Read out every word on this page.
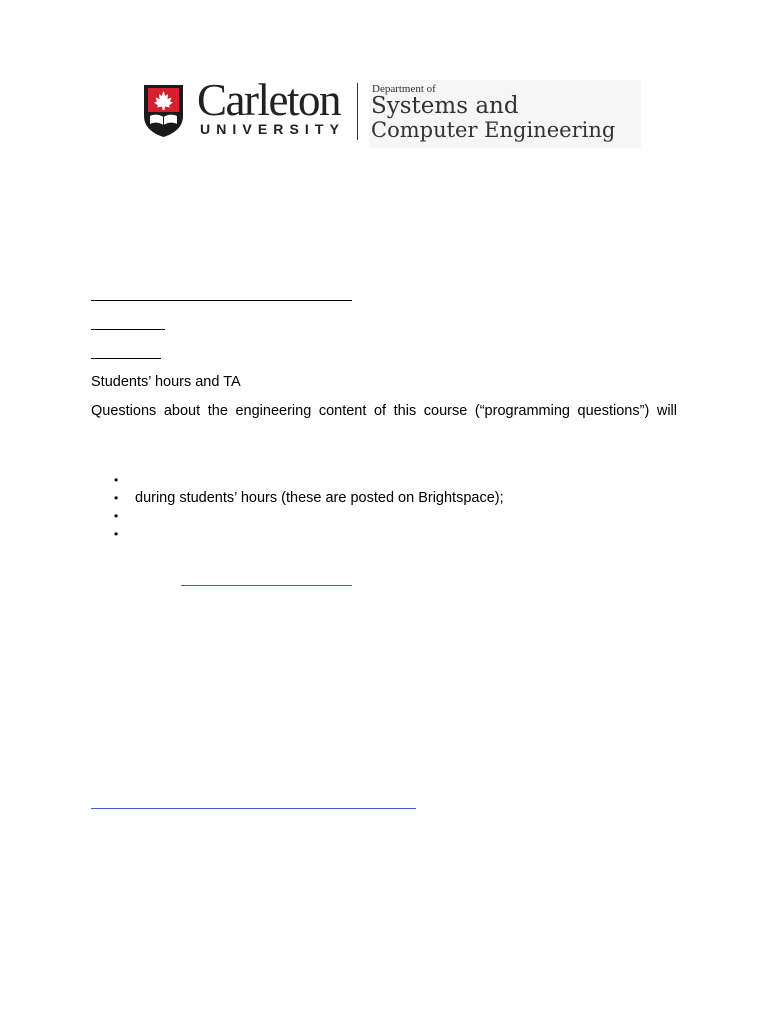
Carleton
UNIVERSITY
Department of
Systems and
Computer Engineering
Students’ hours and TA
Questions about the engineering content of this course (“programming questions”) will
•
• during students’ hours (these are posted on Brightspace);
•
•
